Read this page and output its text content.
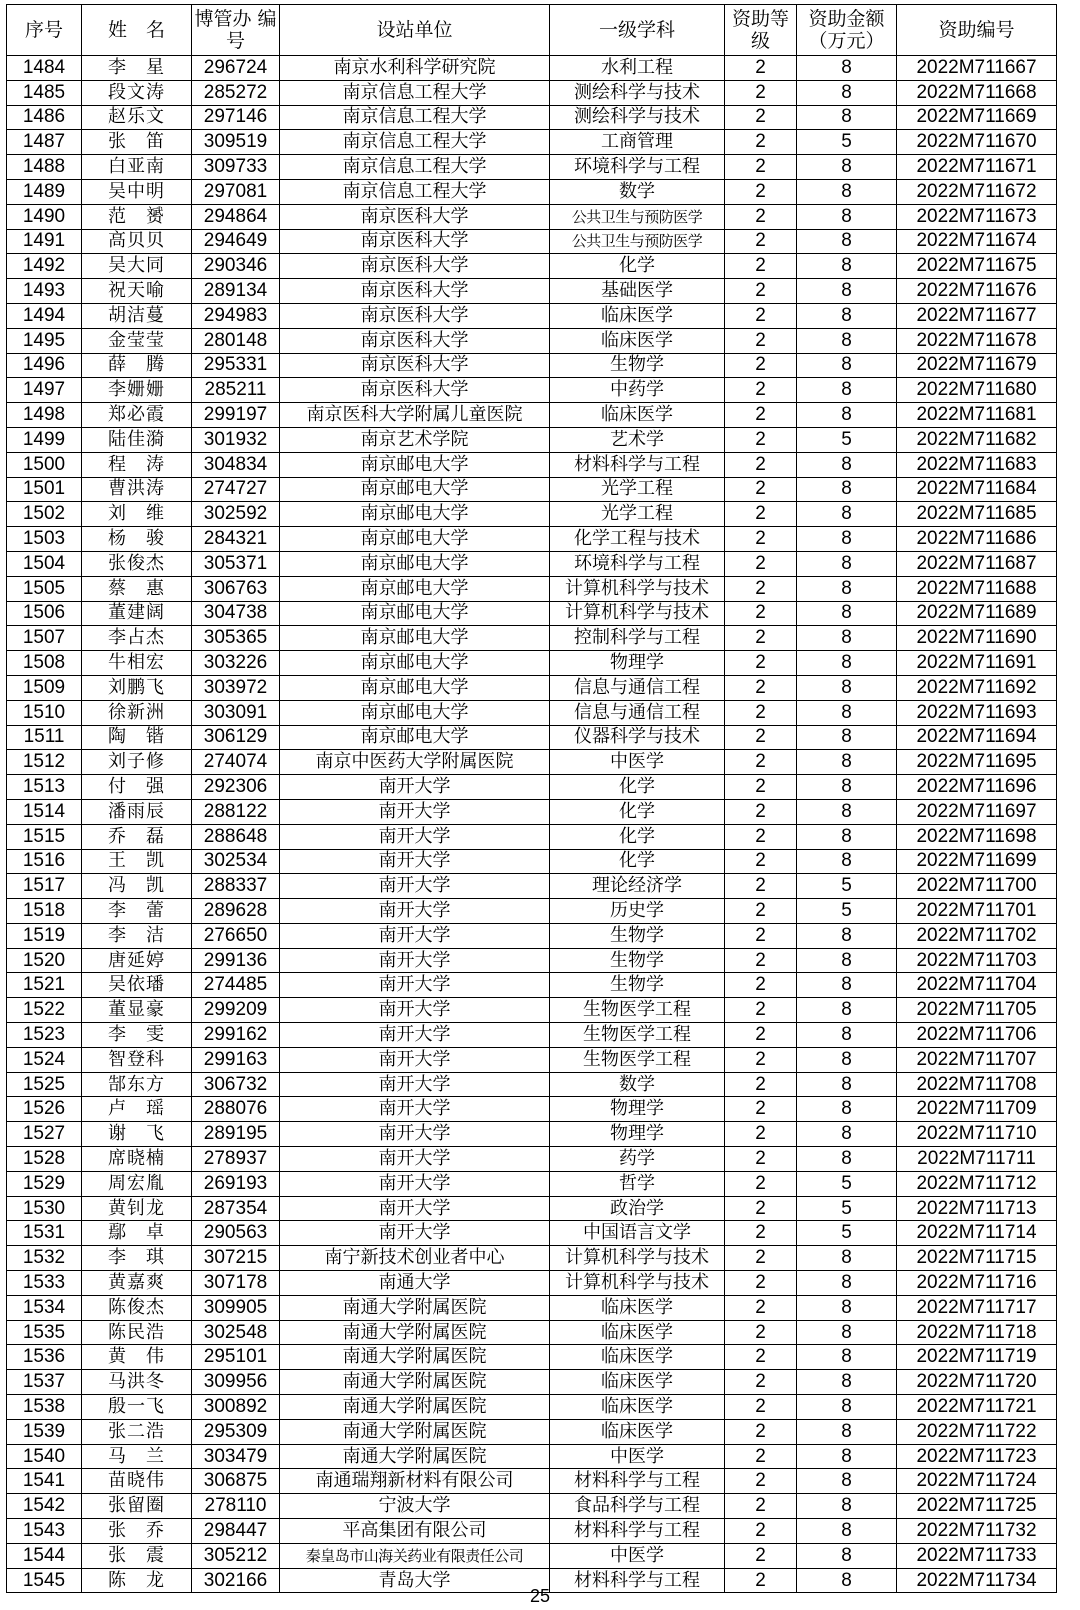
序号	姓　名	博管办 编　号	设站单位	一级学科	资助等级	资助金额 （万元）	资助编号
1484	李　星	296724	南京水利科学研究院	水利工程	2	8	2022M711667
1485	段文涛	285272	南京信息工程大学	测绘科学与技术	2	8	2022M711668
1486	赵乐文	297146	南京信息工程大学	测绘科学与技术	2	8	2022M711669
1487	张　笛	309519	南京信息工程大学	工商管理	2	5	2022M711670
1488	白亚南	309733	南京信息工程大学	环境科学与工程	2	8	2022M711671
1489	吴中明	297081	南京信息工程大学	数学	2	8	2022M711672
1490	范　赟	294864	南京医科大学	公共卫生与预防医学	2	8	2022M711673
1491	高贝贝	294649	南京医科大学	公共卫生与预防医学	2	8	2022M711674
1492	吴大同	290346	南京医科大学	化学	2	8	2022M711675
1493	祝天喻	289134	南京医科大学	基础医学	2	8	2022M711676
1494	胡洁蔓	294983	南京医科大学	临床医学	2	8	2022M711677
1495	金莹莹	280148	南京医科大学	临床医学	2	8	2022M711678
1496	薛　腾	295331	南京医科大学	生物学	2	8	2022M711679
1497	李姗姗	285211	南京医科大学	中药学	2	8	2022M711680
1498	郑必霞	299197	南京医科大学附属儿童医院	临床医学	2	8	2022M711681
1499	陆佳漪	301932	南京艺术学院	艺术学	2	5	2022M711682
1500	程　涛	304834	南京邮电大学	材料科学与工程	2	8	2022M711683
1501	曹洪涛	274727	南京邮电大学	光学工程	2	8	2022M711684
1502	刘　维	302592	南京邮电大学	光学工程	2	8	2022M711685
1503	杨　骏	284321	南京邮电大学	化学工程与技术	2	8	2022M711686
1504	张俊杰	305371	南京邮电大学	环境科学与工程	2	8	2022M711687
1505	蔡　惠	306763	南京邮电大学	计算机科学与技术	2	8	2022M711688
1506	董建阔	304738	南京邮电大学	计算机科学与技术	2	8	2022M711689
1507	李占杰	305365	南京邮电大学	控制科学与工程	2	8	2022M711690
1508	牛相宏	303226	南京邮电大学	物理学	2	8	2022M711691
1509	刘鹏飞	303972	南京邮电大学	信息与通信工程	2	8	2022M711692
1510	徐新洲	303091	南京邮电大学	信息与通信工程	2	8	2022M711693
1511	陶　锴	306129	南京邮电大学	仪器科学与技术	2	8	2022M711694
1512	刘子修	274074	南京中医药大学附属医院	中医学	2	8	2022M711695
1513	付　强	292306	南开大学	化学	2	8	2022M711696
1514	潘雨辰	288122	南开大学	化学	2	8	2022M711697
1515	乔　磊	288648	南开大学	化学	2	8	2022M711698
1516	王　凯	302534	南开大学	化学	2	8	2022M711699
1517	冯　凯	288337	南开大学	理论经济学	2	5	2022M711700
1518	李　蕾	289628	南开大学	历史学	2	5	2022M711701
1519	李　洁	276650	南开大学	生物学	2	8	2022M711702
1520	唐延婷	299136	南开大学	生物学	2	8	2022M711703
1521	吴依璠	274485	南开大学	生物学	2	8	2022M711704
1522	董显豪	299209	南开大学	生物医学工程	2	8	2022M711705
1523	李　雯	299162	南开大学	生物医学工程	2	8	2022M711706
1524	智登科	299163	南开大学	生物医学工程	2	8	2022M711707
1525	郜东方	306732	南开大学	数学	2	8	2022M711708
1526	卢　瑶	288076	南开大学	物理学	2	8	2022M711709
1527	谢　飞	289195	南开大学	物理学	2	8	2022M711710
1528	席晓楠	278937	南开大学	药学	2	8	2022M711711
1529	周宏胤	269193	南开大学	哲学	2	5	2022M711712
1530	黄钊龙	287354	南开大学	政治学	2	5	2022M711713
1531	鄢　卓	290563	南开大学	中国语言文学	2	5	2022M711714
1532	李　琪	307215	南宁新技术创业者中心	计算机科学与技术	2	8	2022M711715
1533	黄嘉爽	307178	南通大学	计算机科学与技术	2	8	2022M711716
1534	陈俊杰	309905	南通大学附属医院	临床医学	2	8	2022M711717
1535	陈民浩	302548	南通大学附属医院	临床医学	2	8	2022M711718
1536	黄　伟	295101	南通大学附属医院	临床医学	2	8	2022M711719
1537	马洪冬	309956	南通大学附属医院	临床医学	2	8	2022M711720
1538	殷一飞	300892	南通大学附属医院	临床医学	2	8	2022M711721
1539	张二浩	295309	南通大学附属医院	临床医学	2	8	2022M711722
1540	马　兰	303479	南通大学附属医院	中医学	2	8	2022M711723
1541	苗晓伟	306875	南通瑞翔新材料有限公司	材料科学与工程	2	8	2022M711724
1542	张留圈	278110	宁波大学	食品科学与工程	2	8	2022M711725
1543	张　乔	298447	平高集团有限公司	材料科学与工程	2	8	2022M711732
1544	张　震	305212	秦皇岛市山海关药业有限责任公司	中医学	2	8	2022M711733
1545	陈　龙	302166	青岛大学	材料科学与工程	2	8	2022M711734
25
